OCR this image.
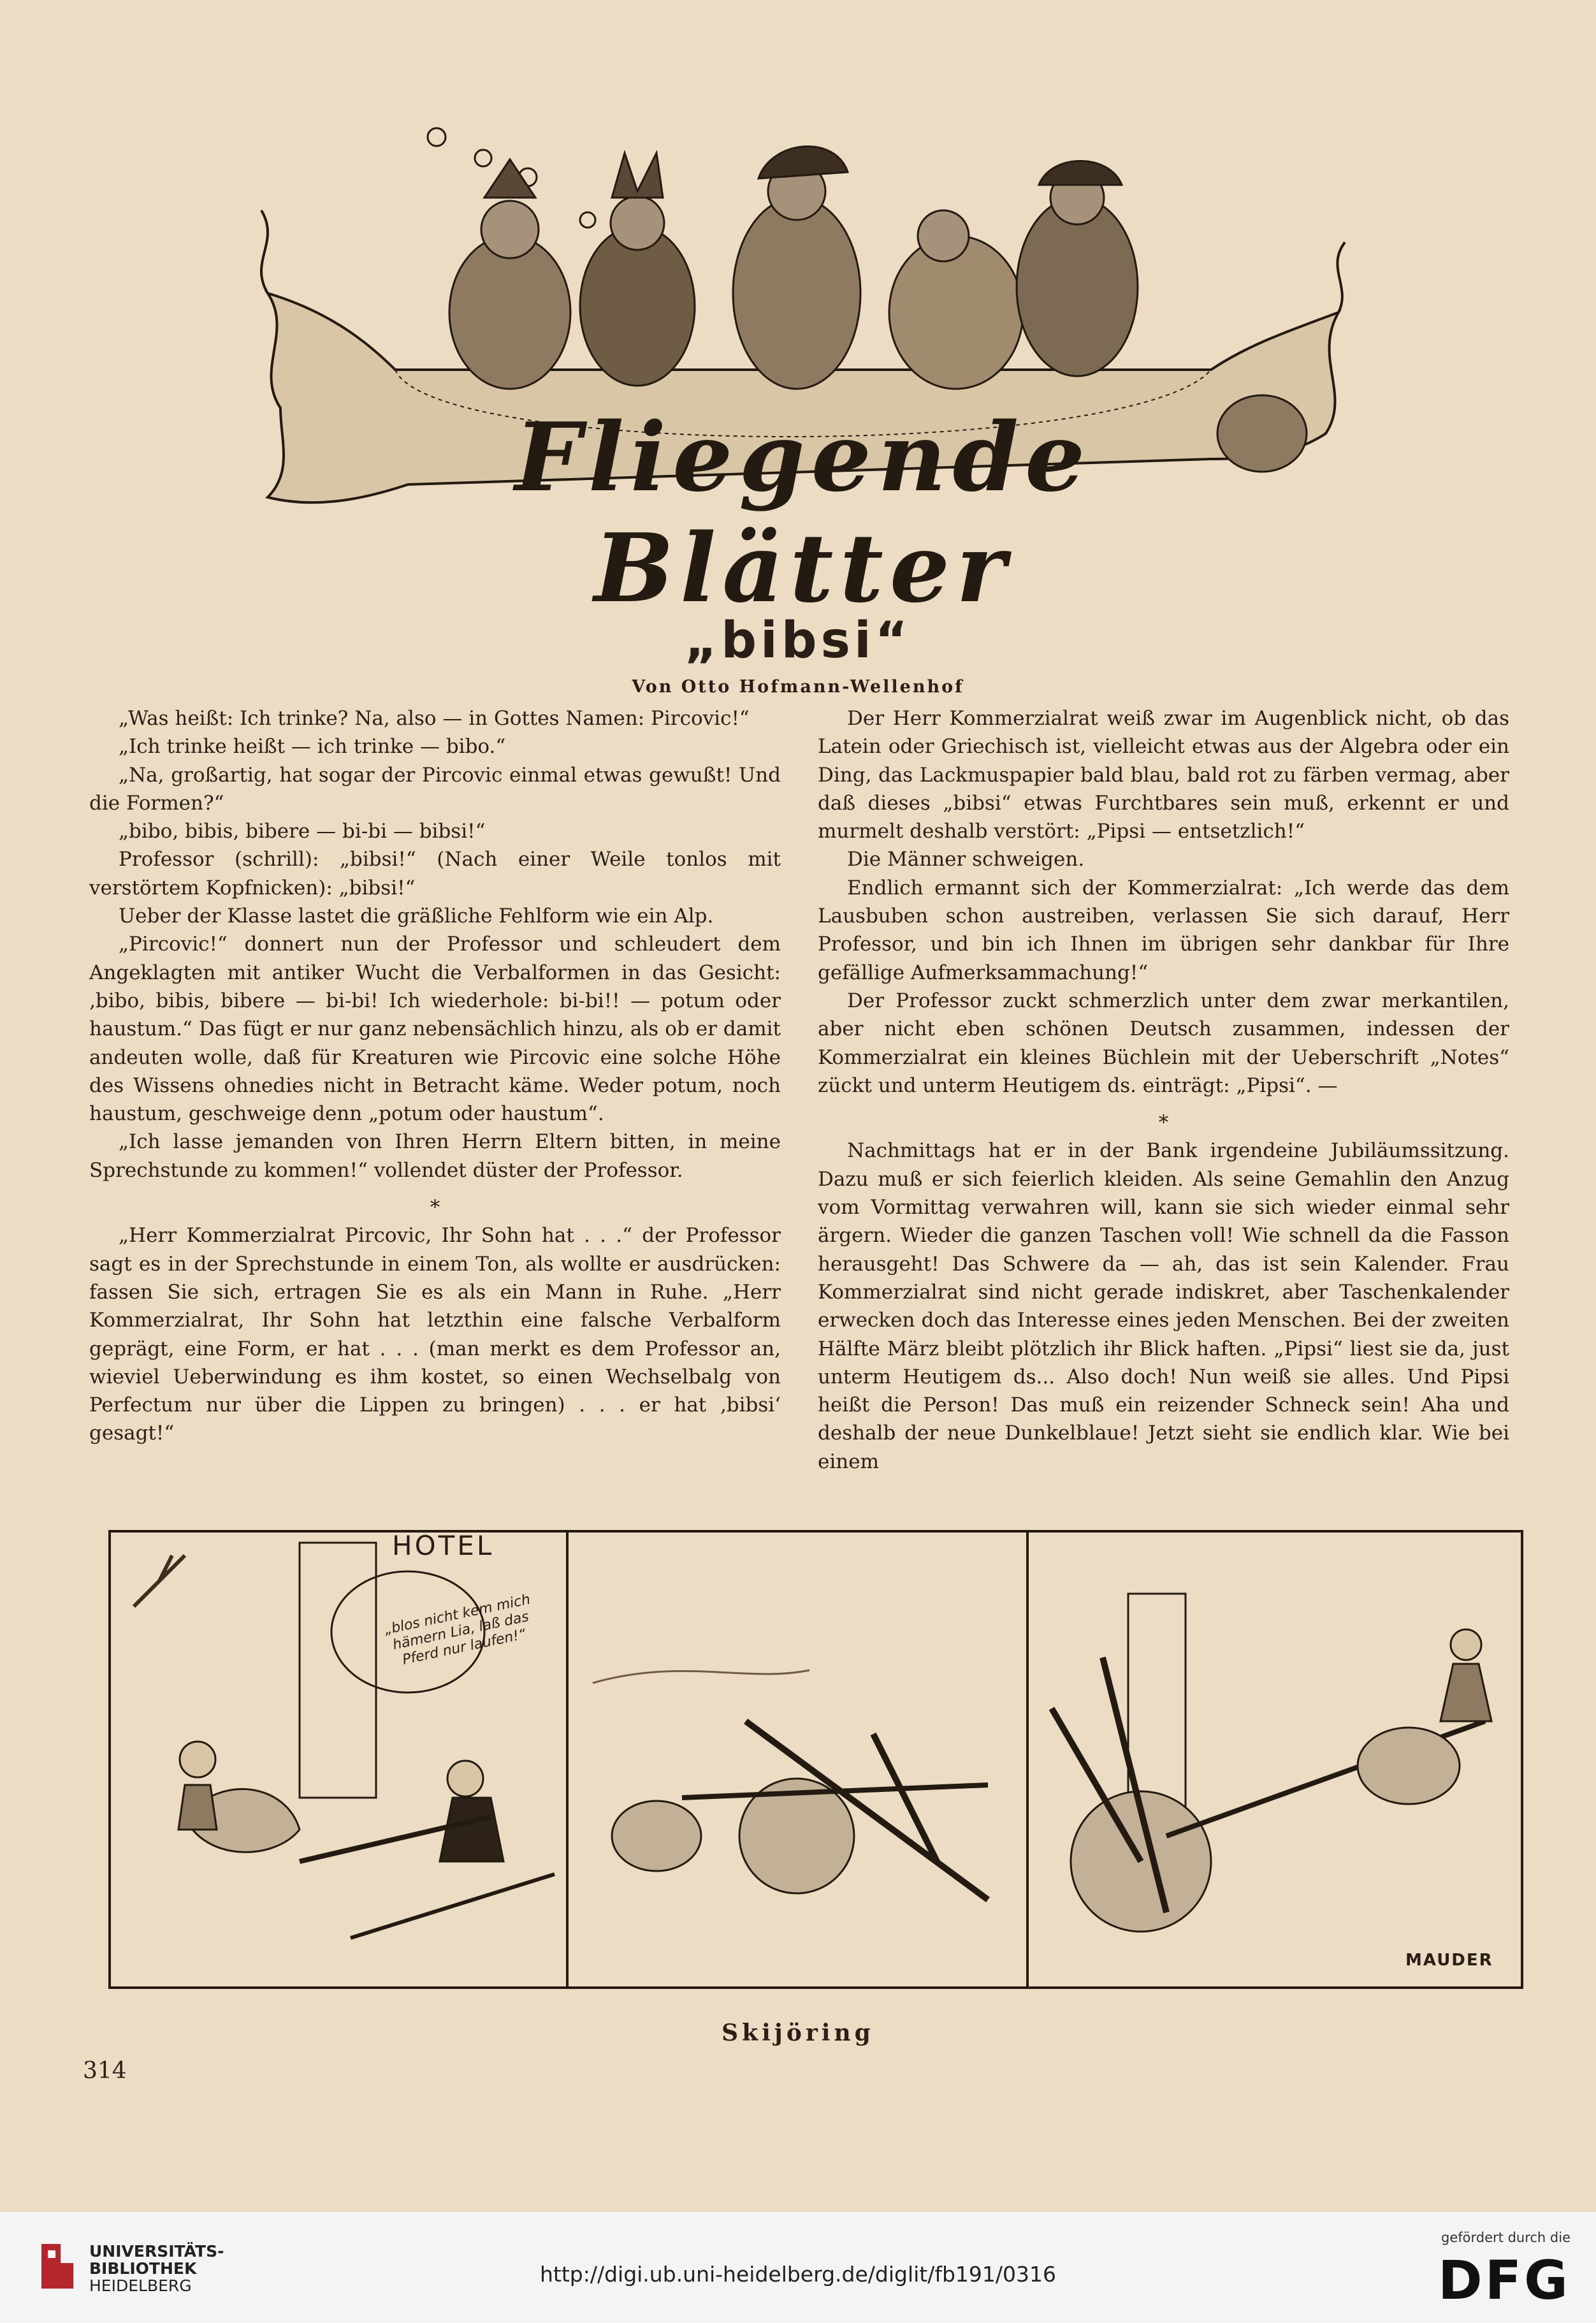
Fliegende Blätter
„bibsi“
Von Otto Hofmann-Wellenhof

„Was heißt: Ich trinke? Na, also — in Gottes Namen: Pircovic!“

„Ich trinke heißt — ich trinke — bibo.“

„Na, großartig, hat sogar der Pircovic einmal etwas gewußt! Und die Formen?“

„bibo, bibis, bibere — bi-bi — bibsi!“

Professor (schrill): „bibsi!“ (Nach einer Weile tonlos mit verstörtem Kopfnicken): „bibsi!“

Ueber der Klasse lastet die gräßliche Fehlform wie ein Alp.

„Pircovic!“ donnert nun der Professor und schleudert dem Angeklagten mit antiker Wucht die Verbalformen in das Gesicht: ‚bibo, bibis, bibere — bi-bi! Ich wiederhole: bi-bi!! — potum oder haustum.“ Das fügt er nur ganz nebensächlich hinzu, als ob er damit andeuten wolle, daß für Kreaturen wie Pircovic eine solche Höhe des Wissens ohnedies nicht in Betracht käme. Weder potum, noch haustum, geschweige denn „potum oder haustum“.

„Ich lasse jemanden von Ihren Herrn Eltern bitten, in meine Sprechstunde zu kommen!“ vollendet düster der Professor.

*

„Herr Kommerzialrat Pircovic, Ihr Sohn hat . . .“ der Professor sagt es in der Sprechstunde in einem Ton, als wollte er ausdrücken: fassen Sie sich, ertragen Sie es als ein Mann in Ruhe. „Herr Kommerzialrat, Ihr Sohn hat letzthin eine falsche Verbalform geprägt, eine Form, er hat . . . (man merkt es dem Professor an, wieviel Ueberwindung es ihm kostet, so einen Wechselbalg von Perfectum nur über die Lippen zu bringen) . . . er hat ‚bibsi‘ gesagt!“

Der Herr Kommerzialrat weiß zwar im Augenblick nicht, ob das Latein oder Griechisch ist, vielleicht etwas aus der Algebra oder ein Ding, das Lackmuspapier bald blau, bald rot zu färben vermag, aber daß dieses „bibsi“ etwas Furchtbares sein muß, erkennt er und murmelt deshalb verstört: „Pipsi — entsetzlich!“

Die Männer schweigen.

Endlich ermannt sich der Kommerzialrat: „Ich werde das dem Lausbuben schon austreiben, verlassen Sie sich darauf, Herr Professor, und bin ich Ihnen im übrigen sehr dankbar für Ihre gefällige Aufmerksammachung!“

Der Professor zuckt schmerzlich unter dem zwar merkantilen, aber nicht eben schönen Deutsch zusammen, indessen der Kommerzialrat ein kleines Büchlein mit der Ueberschrift „Notes“ zückt und unterm Heutigem ds. einträgt: „Pipsi“. —

*

Nachmittags hat er in der Bank irgendeine Jubiläumssitzung. Dazu muß er sich feierlich kleiden. Als seine Gemahlin den Anzug vom Vormittag verwahren will, kann sie sich wieder einmal sehr ärgern. Wieder die ganzen Taschen voll! Wie schnell da die Fasson herausgeht! Das Schwere da — ah, das ist sein Kalender. Frau Kommerzialrat sind nicht gerade indiskret, aber Taschenkalender erwecken doch das Interesse eines jeden Menschen. Bei der zweiten Hälfte März bleibt plötzlich ihr Blick haften. „Pipsi“ liest sie da, just unterm Heutigem ds... Also doch! Nun weiß sie alles. Und Pipsi heißt die Person! Das muß ein reizender Schneck sein! Aha und deshalb der neue Dunkelblaue! Jetzt sieht sie endlich klar. Wie bei einem

HOTEL
„blos nicht kem mich hämern Lia, laß das Pferd nur laufen!“
MAUDER
Skijöring
314
UNIVERSITÄTS-
BIBLIOTHEK
HEIDELBERG	http://digi.ub.uni-heidelberg.de/diglit/fb191/0316
gefördert durch die
DFG
